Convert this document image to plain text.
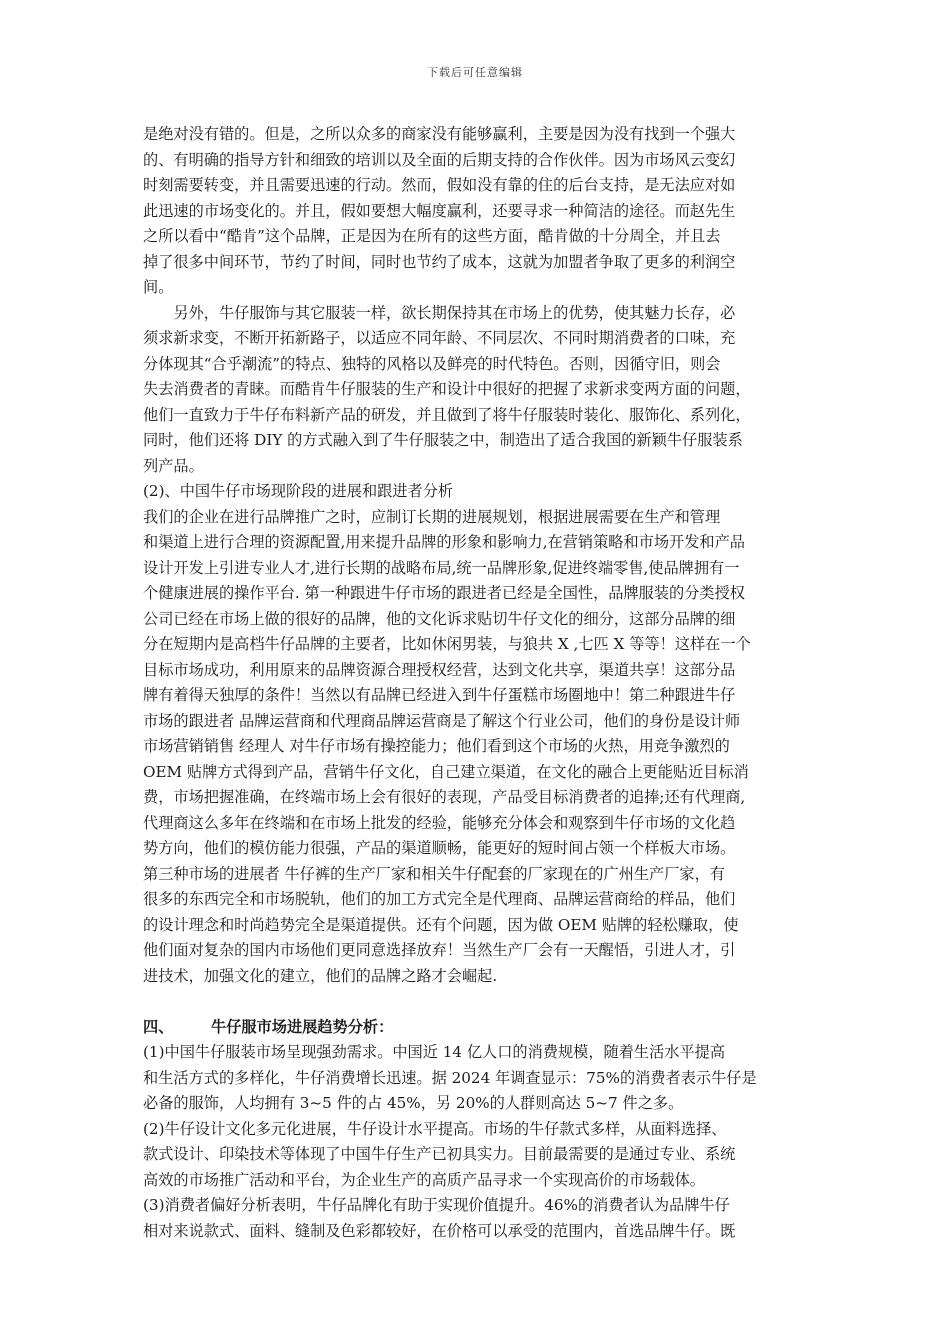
下载后可任意编辑
是绝对没有错的。但是，之所以众多的商家没有能够赢利，主要是因为没有找到一个强大
的、有明确的指导方针和细致的培训以及全面的后期支持的合作伙伴。因为市场风云变幻
时刻需要转变，并且需要迅速的行动。然而，假如没有靠的住的后台支持，是无法应对如
此迅速的市场变化的。并且，假如要想大幅度赢利，还要寻求一种简洁的途径。而赵先生
之所以看中“酷肯”这个品牌，正是因为在所有的这些方面，酷肯做的十分周全，并且去
掉了很多中间环节，节约了时间，同时也节约了成本，这就为加盟者争取了更多的利润空
间。
　　另外，牛仔服饰与其它服装一样，欲长期保持其在市场上的优势，使其魅力长存，必
须求新求变，不断开拓新路子，以适应不同年龄、不同层次、不同时期消费者的口味，充
分体现其“合乎潮流”的特点、独特的风格以及鲜亮的时代特色。否则，因循守旧，则会
失去消费者的青睐。而酷肯牛仔服装的生产和设计中很好的把握了求新求变两方面的问题，
他们一直致力于牛仔布料新产品的研发，并且做到了将牛仔服装时装化、服饰化、系列化，
同时，他们还将 DIY 的方式融入到了牛仔服装之中，制造出了适合我国的新颖牛仔服装系
列产品。
(2)、中国牛仔市场现阶段的进展和跟进者分析
我们的企业在进行品牌推广之时，应制订长期的进展规划，根据进展需要在生产和管理
和渠道上进行合理的资源配置,用来提升品牌的形象和影响力,在营销策略和市场开发和产品
设计开发上引进专业人才,进行长期的战略布局,统一品牌形象,促进终端零售,使品牌拥有一
个健康进展的操作平台. 第一种跟进牛仔市场的跟进者已经是全国性，品牌服装的分类授权
公司已经在市场上做的很好的品牌，他的文化诉求贴切牛仔文化的细分，这部分品牌的细
分在短期内是高档牛仔品牌的主要者，比如休闲男装，与狼共 X ,七匹 X 等等！这样在一个
目标市场成功，利用原来的品牌资源合理授权经营，达到文化共享，渠道共享！这部分品
牌有着得天独厚的条件！当然以有品牌已经进入到牛仔蛋糕市场圈地中！第二种跟进牛仔
市场的跟进者 品牌运营商和代理商品牌运营商是了解这个行业公司，他们的身份是设计师
市场营销销售 经理人 对牛仔市场有操控能力；他们看到这个市场的火热，用竞争激烈的
OEM 贴牌方式得到产品，营销牛仔文化，自己建立渠道，在文化的融合上更能贴近目标消
费，市场把握准确，在终端市场上会有很好的表现，产品受目标消费者的追捧;还有代理商,
代理商这么多年在终端和在市场上批发的经验，能够充分体会和观察到牛仔市场的文化趋
势方向，他们的模仿能力很强，产品的渠道顺畅，能更好的短时间占领一个样板大市场。
第三种市场的进展者 牛仔裤的生产厂家和相关牛仔配套的厂家现在的广州生产厂家，有
很多的东西完全和市场脱轨，他们的加工方式完全是代理商、品牌运营商给的样品，他们
的设计理念和时尚趋势完全是渠道提供。还有个问题，因为做 OEM 贴牌的轻松赚取，使
他们面对复杂的国内市场他们更同意选择放弃！当然生产厂会有一天醒悟，引进人才，引
进技术，加强文化的建立，他们的品牌之路才会崛起.
四、 牛仔服市场进展趋势分析：
(1)中国牛仔服装市场呈现强劲需求。中国近 14 亿人口的消费规模，随着生活水平提高
和生活方式的多样化，牛仔消费增长迅速。据 2024 年调查显示：75%的消费者表示牛仔是
必备的服饰，人均拥有 3~5 件的占 45%，另 20%的人群则高达 5~7 件之多。
(2)牛仔设计文化多元化进展，牛仔设计水平提高。市场的牛仔款式多样，从面料选择、
款式设计、印染技术等体现了中国牛仔生产已初具实力。目前最需要的是通过专业、系统
高效的市场推广活动和平台，为企业生产的高质产品寻求一个实现高价的市场载体。
(3)消费者偏好分析表明，牛仔品牌化有助于实现价值提升。46%的消费者认为品牌牛仔
相对来说款式、面料、缝制及色彩都较好，在价格可以承受的范围内，首选品牌牛仔。既
